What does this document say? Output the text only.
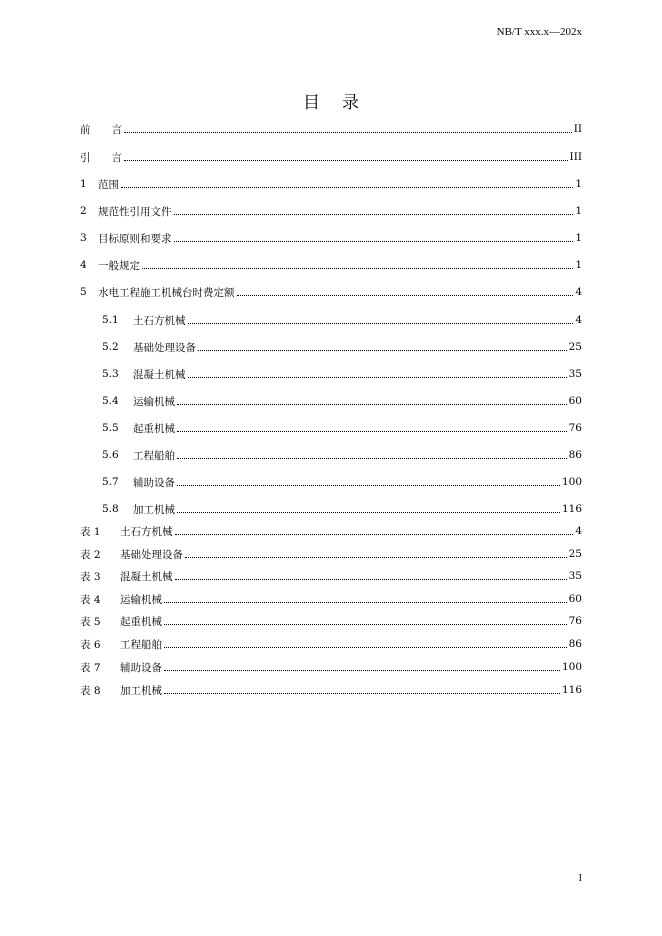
NB/T xxx.x—202x
目录
前　　言	II
引　　言	III
1	范围	1
2	规范性引用文件	1
3	目标原则和要求	1
4	一般规定	1
5	水电工程施工机械台时费定额	4
5.1	土石方机械	4
5.2	基础处理设备	25
5.3	混凝土机械	35
5.4	运输机械	60
5.5	起重机械	76
5.6	工程船舶	86
5.7	辅助设备	100
5.8	加工机械	116
表 1	土石方机械	4
表 2	基础处理设备	25
表 3	混凝土机械	35
表 4	运输机械	60
表 5	起重机械	76
表 6	工程船舶	86
表 7	辅助设备	100
表 8	加工机械	116
I
